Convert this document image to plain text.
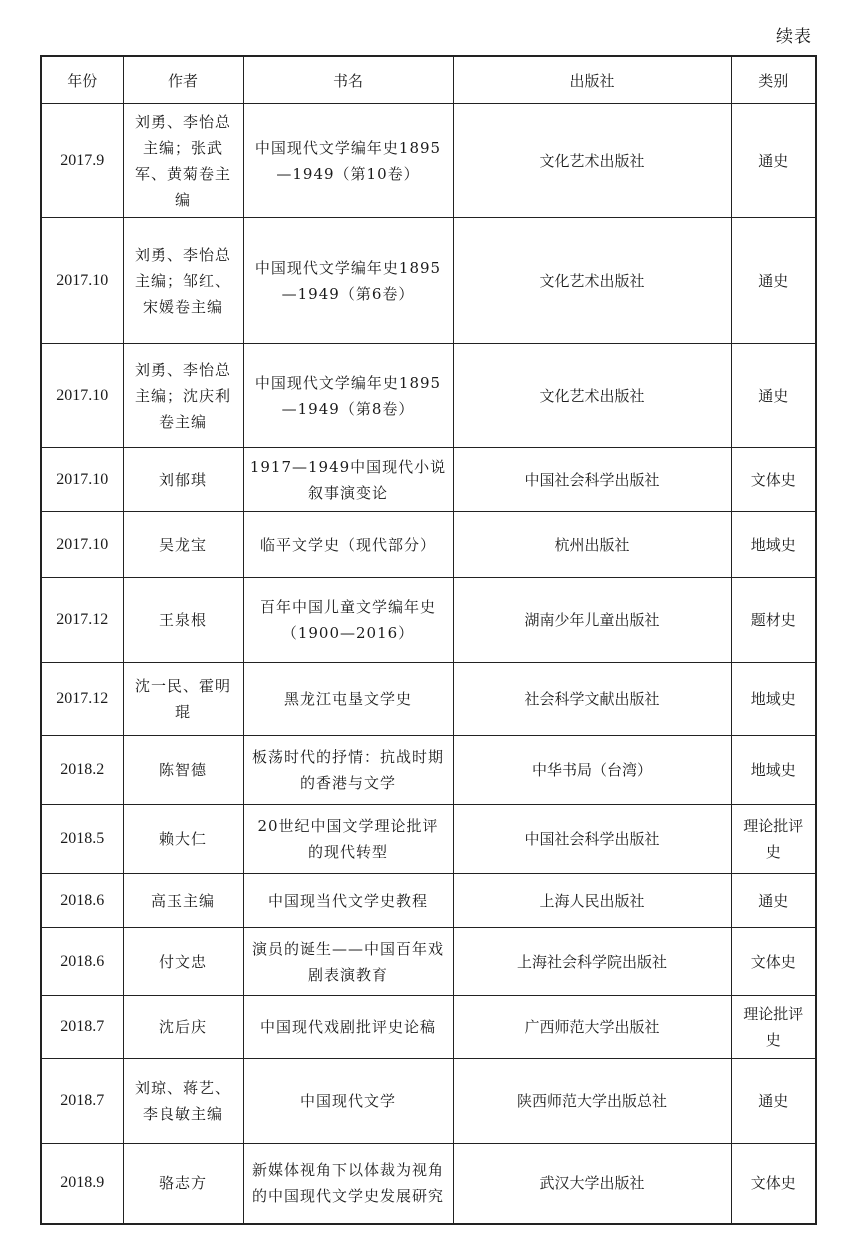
续表
年份	作者	书名	出版社	类别
2017.9	刘勇、李怡总主编；张武军、黄菊卷主编	中国现代文学编年史1895—1949（第10卷）	文化艺术出版社	通史
2017.10	刘勇、李怡总主编；邹红、宋媛卷主编	中国现代文学编年史1895—1949（第6卷）	文化艺术出版社	通史
2017.10	刘勇、李怡总主编；沈庆利卷主编	中国现代文学编年史1895—1949（第8卷）	文化艺术出版社	通史
2017.10	刘郁琪	1917—1949中国现代小说叙事演变论	中国社会科学出版社	文体史
2017.10	吴龙宝	临平文学史（现代部分）	杭州出版社	地域史
2017.12	王泉根	百年中国儿童文学编年史（1900—2016）	湖南少年儿童出版社	题材史
2017.12	沈一民、霍明琨	黑龙江屯垦文学史	社会科学文献出版社	地域史
2018.2	陈智德	板荡时代的抒情：抗战时期的香港与文学	中华书局（台湾）	地域史
2018.5	赖大仁	20世纪中国文学理论批评的现代转型	中国社会科学出版社	理论批评史
2018.6	高玉主编	中国现当代文学史教程	上海人民出版社	通史
2018.6	付文忠	演员的诞生——中国百年戏剧表演教育	上海社会科学院出版社	文体史
2018.7	沈后庆	中国现代戏剧批评史论稿	广西师范大学出版社	理论批评史
2018.7	刘琼、蒋艺、李良敏主编	中国现代文学	陕西师范大学出版总社	通史
2018.9	骆志方	新媒体视角下以体裁为视角的中国现代文学史发展研究	武汉大学出版社	文体史
